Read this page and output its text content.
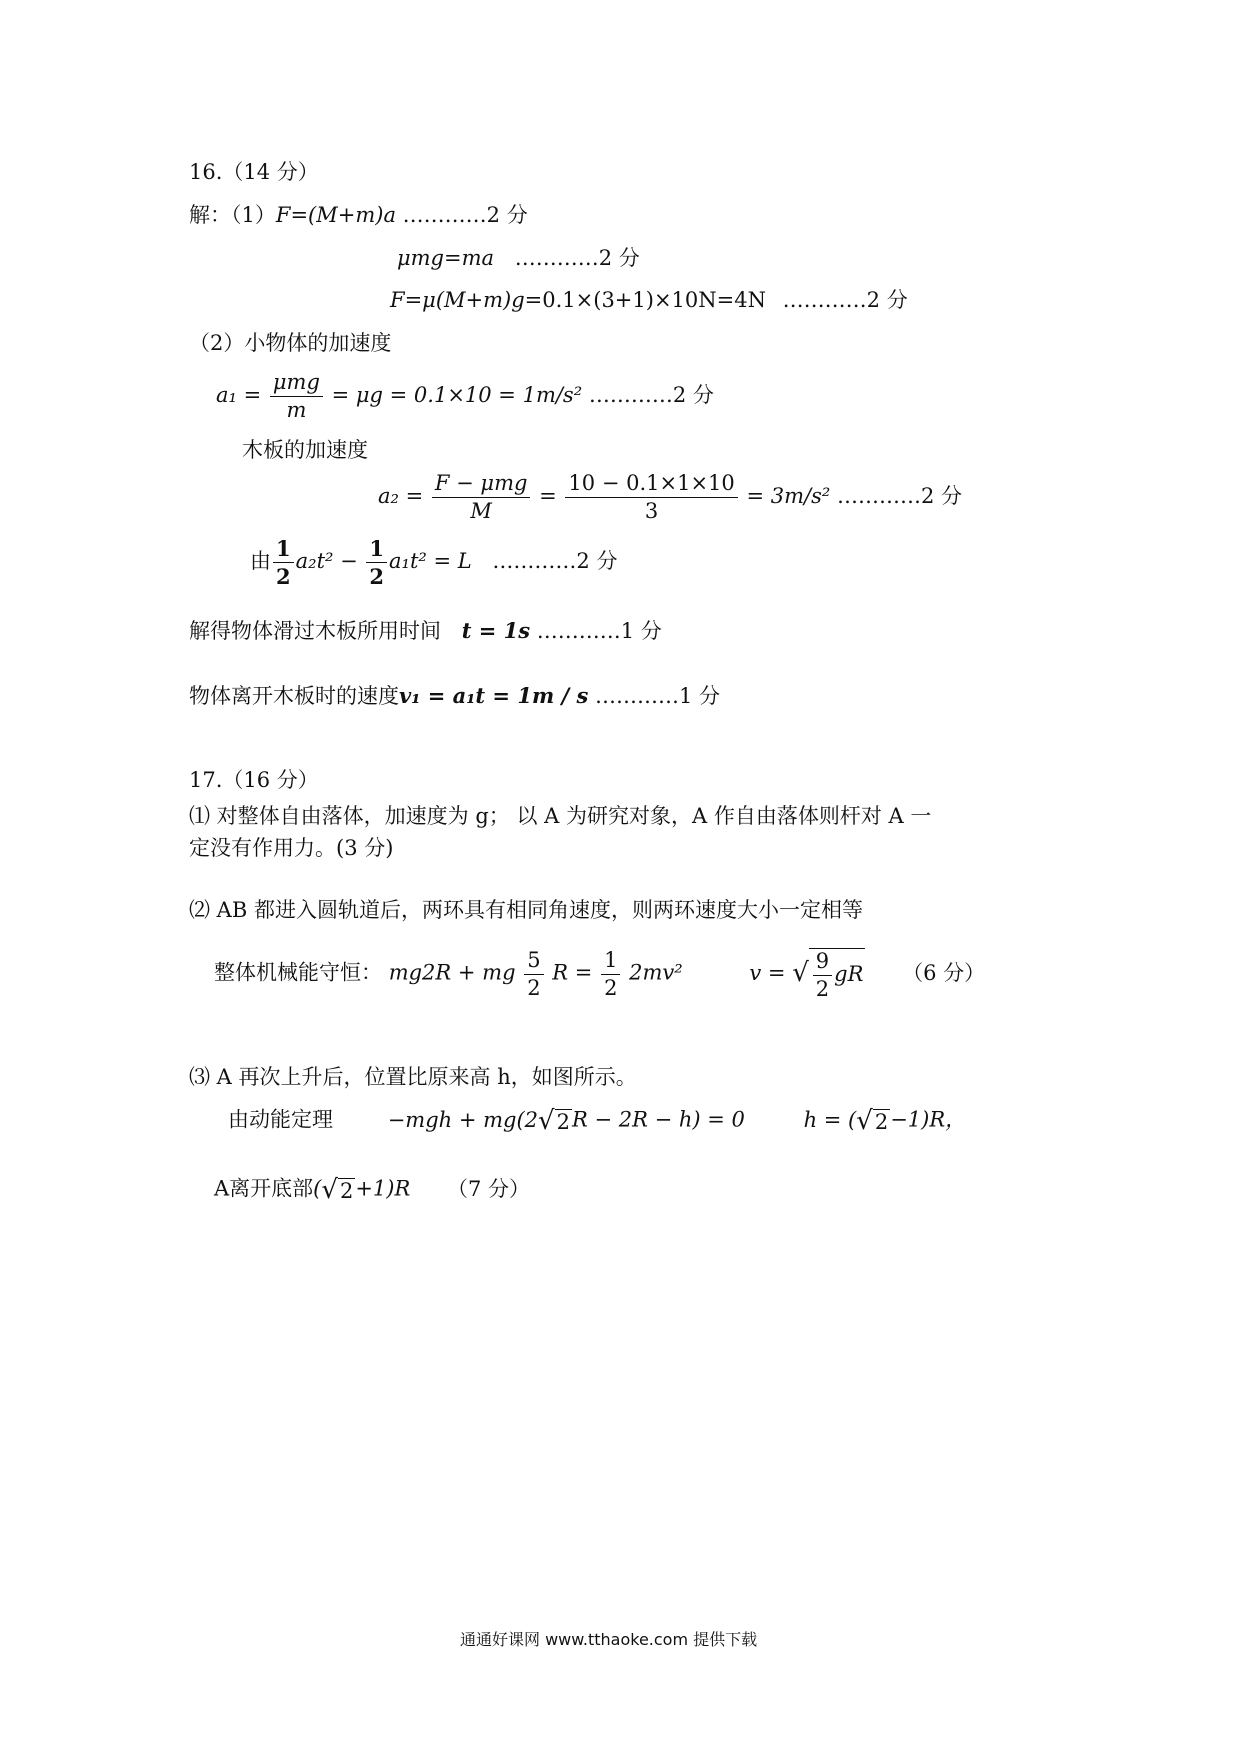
16.（14 分）
解：（1）F=(M+m)a …………2 分
μmg=ma …………2 分
F=μ(M+m)g=0.1×(3+1)×10N=4N …………2 分
（2）小物体的加速度
$a_1 = \frac{\text{μmg}}{m} = \mu g = 0.1\times 10 = 1m/s^2$ …………2 分
木板的加速度
$a_2 = \frac{\text{F − μmg}}{M} = \frac{10 - 0.1\times 1\times 10}{3} = 3m/s^2$ …………2 分
由 $\frac{1}{2} a_2t^2 - \frac{1}{2} a_1t^2 = L$ …………2 分
解得物体滑过木板所用时间 t = 1s …………1 分
物体离开木板时的速度v₁ = a₁t = 1m / s …………1 分
17.（16 分）
⑴ 对整体自由落体，加速度为 g； 以 A 为研究对象，A 作自由落体则杆对 A 一
定没有作用力。(3 分)
⑵ AB 都进入圆轨道后，两环具有相同角速度，则两环速度大小一定相等
整体机械能守恒： mg2R + mg $\frac{5}{2}$ $R = \frac{1}{2} 2mv^2$	v = √ $\frac{9}{2}$ gR （6 分）
⑶ A 再次上升后，位置比原来高 h，如图所示。
由动能定理	−mgh + mg(2√2R − 2R − h) = 0	h = (√2−1)R，
A离开底部(√2+1)R （7 分）
通通好课网 www.tthaoke.com 提供下载
